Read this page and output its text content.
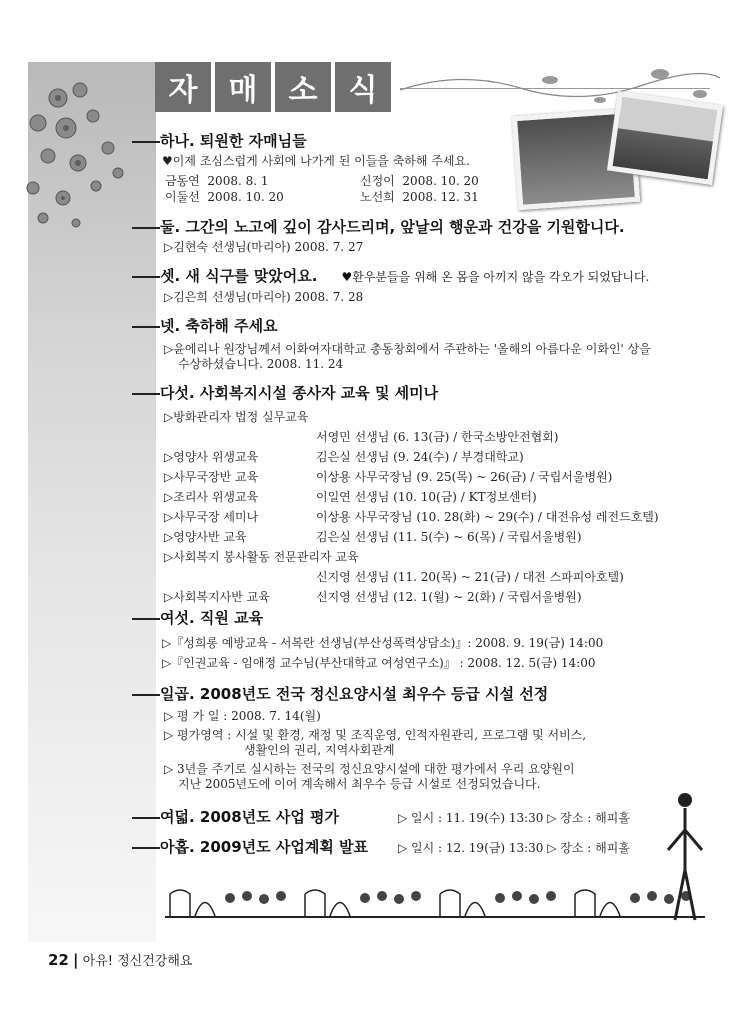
자	매	소	식
하나. 퇴원한 자매님들
♥이제 조심스럽게 사회에 나가게 된 이들을 축하해 주세요.
금동연 2008. 8. 1	신정이 2008. 10. 20
이둘선 2008. 10. 20	노선희 2008. 12. 31
둘. 그간의 노고에 깊이 감사드리며, 앞날의 행운과 건강을 기원합니다.
▷김현숙 선생님(마리아) 2008. 7. 27
셋. 새 식구를 맞았어요. ♥환우분들을 위해 온 몸을 아끼지 않을 각오가 되었답니다.
▷김은희 선생님(마리아) 2008. 7. 28
넷. 축하해 주세요
▷윤에리나 원장님께서 이화여자대학교 총동창회에서 주관하는 '올해의 아름다운 이화인' 상을
수상하셨습니다. 2008. 11. 24
다섯. 사회복지시설 종사자 교육 및 세미나
▷방화관리자 법정 실무교육
서영민 선생님 (6. 13(금) / 한국소방안전협회)
▷영양사 위생교육	김은실 선생님 (9. 24(수) / 부경대학교)
▷사무국장반 교육	이상용 사무국장님 (9. 25(목) ~ 26(금) / 국립서울병원)
▷조리사 위생교육	이일연 선생님 (10. 10(금) / KT정보센터)
▷사무국장 세미나	이상용 사무국장님 (10. 28(화) ~ 29(수) / 대전유성 레전드호텔)
▷영양사반 교육	김은실 선생님 (11. 5(수) ~ 6(목) / 국립서울병원)
▷사회복지 봉사활동 전문관리자 교육
신지영 선생님 (11. 20(목) ~ 21(금) / 대전 스파피아호텔)
▷사회복지사반 교육	신지영 선생님 (12. 1(월) ~ 2(화) / 국립서울병원)
여섯. 직원 교육
▷『성희롱 예방교육 - 서복란 선생님(부산성폭력상담소)』: 2008. 9. 19(금) 14:00
▷『인권교육 - 임애정 교수님(부산대학교 여성연구소)』 : 2008. 12. 5(금) 14:00
일곱. 2008년도 전국 정신요양시설 최우수 등급 시설 선정
▷ 평 가 일 : 2008. 7. 14(월)
▷ 평가영역 : 시설 및 환경, 재정 및 조직운영, 인적자원관리, 프로그램 및 서비스,
생활인의 권리, 지역사회관계
▷ 3년을 주기로 실시하는 전국의 정신요양시설에 대한 평가에서 우리 요양원이
지난 2005년도에 이어 계속해서 최우수 등급 시설로 선정되었습니다.
여덟. 2008년도 사업 평가	▷ 일시 : 11. 19(수) 13:30 ▷ 장소 : 해피홀
아홉. 2009년도 사업계획 발표 ▷ 일시 : 12. 19(금) 13:30 ▷ 장소 : 해피홀
22 | 아유! 정신건강해요
